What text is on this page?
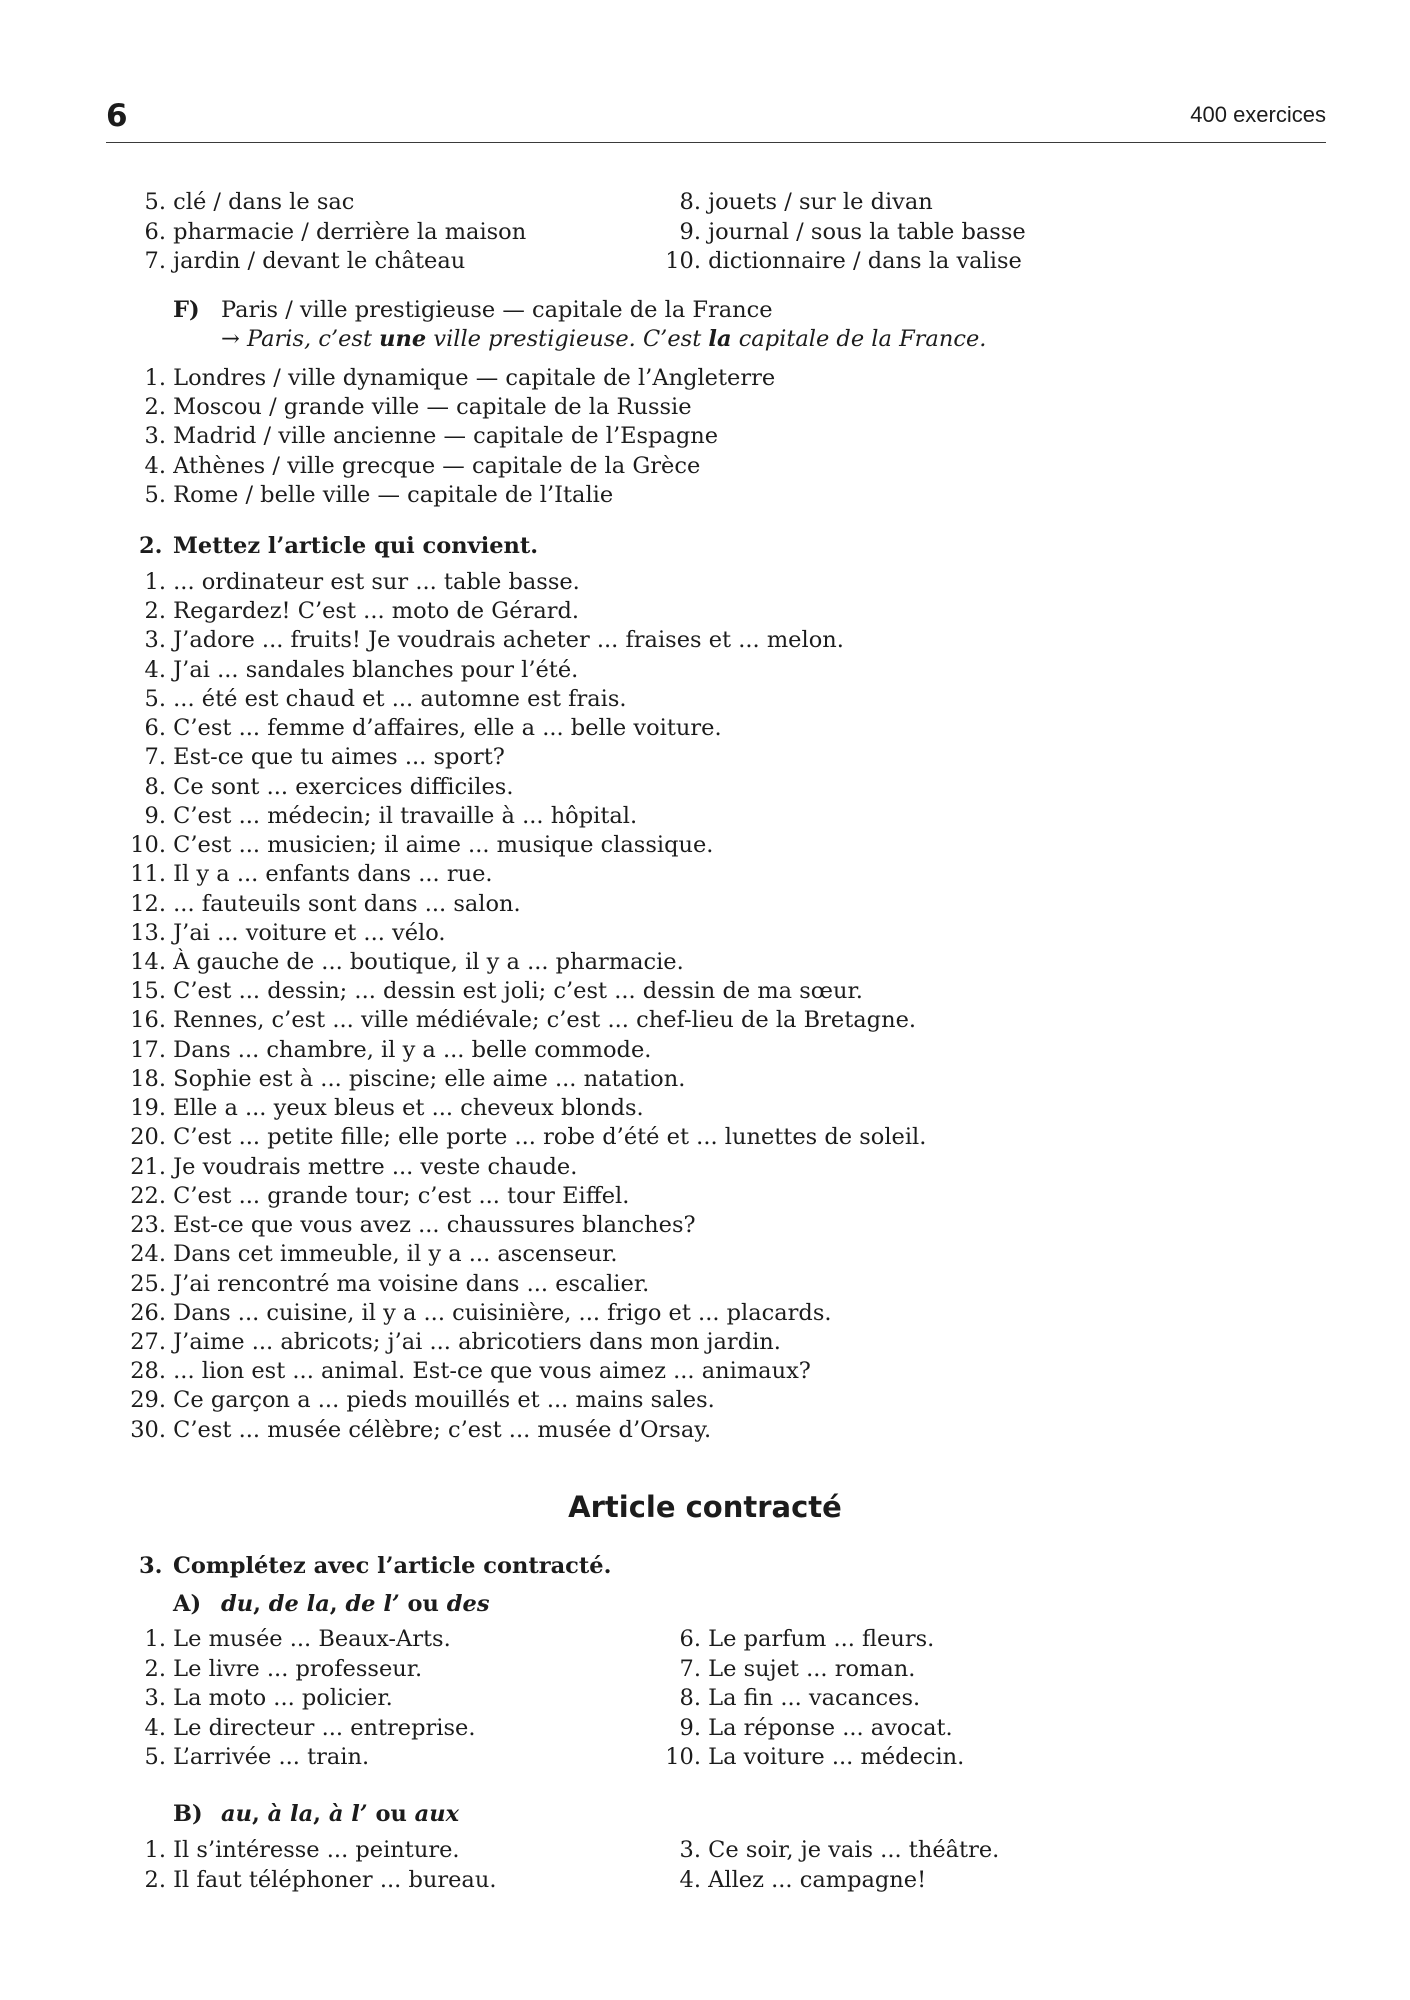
6	400 exercices
5. clé / dans le sac
6. pharmacie / derrière la maison
7. jardin / devant le château
8. jouets / sur le divan
9. journal / sous la table basse
10. dictionnaire / dans la valise
F) Paris / ville prestigieuse — capitale de la France
→ Paris, c’est une ville prestigieuse. C’est la capitale de la France.
1. Londres / ville dynamique — capitale de l’Angleterre
2. Moscou / grande ville — capitale de la Russie
3. Madrid / ville ancienne — capitale de l’Espagne
4. Athènes / ville grecque — capitale de la Grèce
5. Rome / belle ville — capitale de l’Italie
2. Mettez l’article qui convient.
1. ... ordinateur est sur ... table basse.
2. Regardez! C’est ... moto de Gérard.
3. J’adore ... fruits! Je voudrais acheter ... fraises et ... melon.
4. J’ai ... sandales blanches pour l’été.
5. ... été est chaud et ... automne est frais.
6. C’est ... femme d’affaires, elle a ... belle voiture.
7. Est-ce que tu aimes ... sport?
8. Ce sont ... exercices difficiles.
9. C’est ... médecin; il travaille à ... hôpital.
10. C’est ... musicien; il aime ... musique classique.
11. Il y a ... enfants dans ... rue.
12. ... fauteuils sont dans ... salon.
13. J’ai ... voiture et ... vélo.
14. À gauche de ... boutique, il y a ... pharmacie.
15. C’est ... dessin; ... dessin est joli; c’est ... dessin de ma sœur.
16. Rennes, c’est ... ville médiévale; c’est ... chef-lieu de la Bretagne.
17. Dans ... chambre, il y a ... belle commode.
18. Sophie est à ... piscine; elle aime ... natation.
19. Elle a ... yeux bleus et ... cheveux blonds.
20. C’est ... petite fille; elle porte ... robe d’été et ... lunettes de soleil.
21. Je voudrais mettre ... veste chaude.
22. C’est ... grande tour; c’est ... tour Eiffel.
23. Est-ce que vous avez ... chaussures blanches?
24. Dans cet immeuble, il y a ... ascenseur.
25. J’ai rencontré ma voisine dans ... escalier.
26. Dans ... cuisine, il y a ... cuisinière, ... frigo et ... placards.
27. J’aime ... abricots; j’ai ... abricotiers dans mon jardin.
28. ... lion est ... animal. Est-ce que vous aimez ... animaux?
29. Ce garçon a ... pieds mouillés et ... mains sales.
30. C’est ... musée célèbre; c’est ... musée d’Orsay.
Article contracté
3. Complétez avec l’article contracté.
A) du, de la, de l’ ou des
1. Le musée ... Beaux-Arts.
2. Le livre ... professeur.
3. La moto ... policier.
4. Le directeur ... entreprise.
5. L’arrivée ... train.
6. Le parfum ... fleurs.
7. Le sujet ... roman.
8. La fin ... vacances.
9. La réponse ... avocat.
10. La voiture ... médecin.
B) au, à la, à l’ ou aux
1. Il s’intéresse ... peinture.
2. Il faut téléphoner ... bureau.
3. Ce soir, je vais ... théâtre.
4. Allez ... campagne!
